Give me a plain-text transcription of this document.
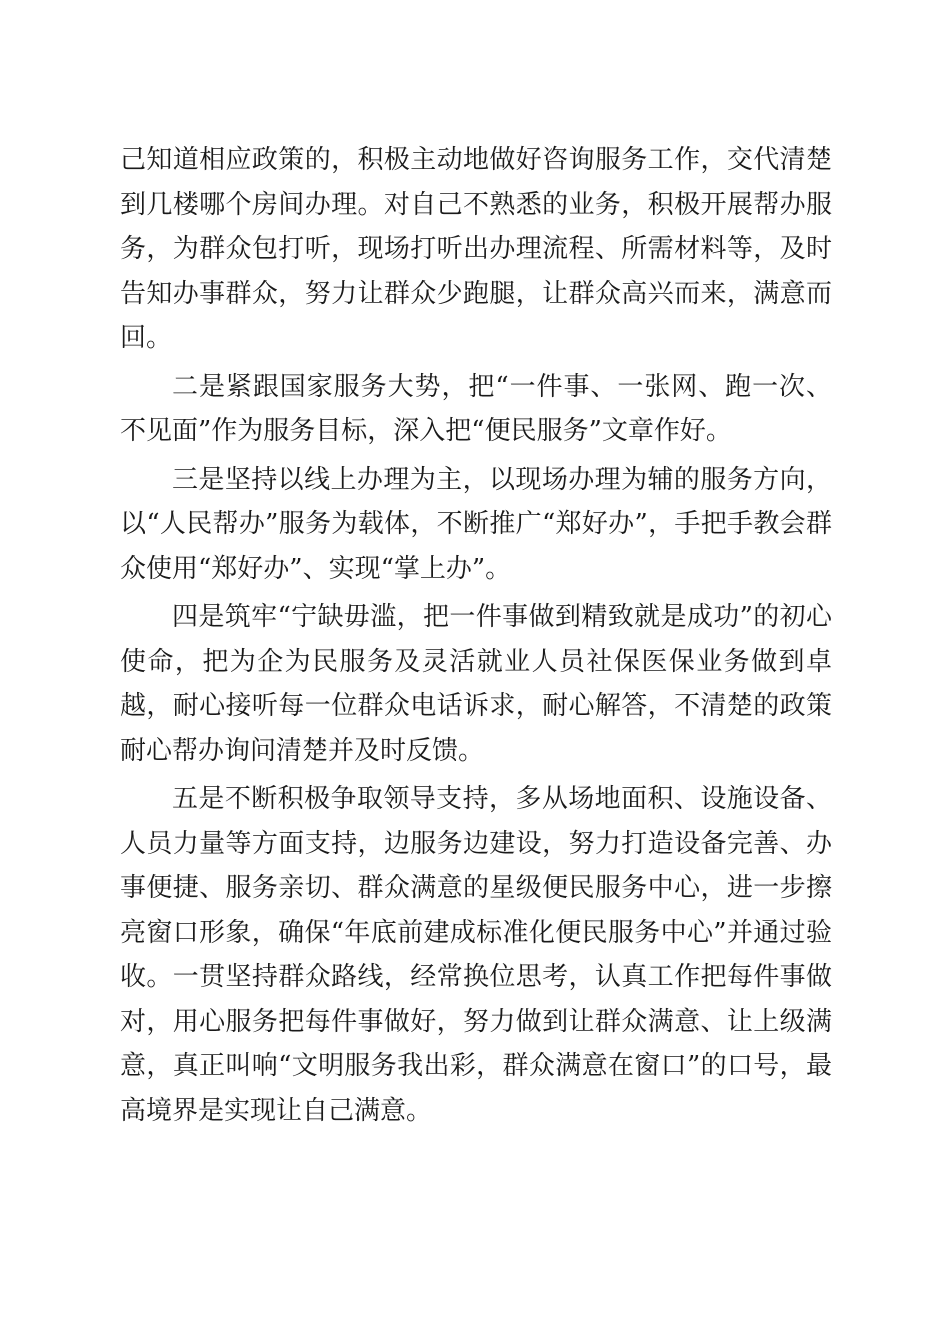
己知道相应政策的，积极主动地做好咨询服务工作，交代清楚到几楼哪个房间办理。对自己不熟悉的业务，积极开展帮办服务，为群众包打听，现场打听出办理流程、所需材料等，及时告知办事群众，努力让群众少跑腿，让群众高兴而来，满意而回。

二是紧跟国家服务大势，把“一件事、一张网、跑一次、不见面”作为服务目标，深入把“便民服务”文章作好。

三是坚持以线上办理为主，以现场办理为辅的服务方向，以“人民帮办”服务为载体，不断推广“郑好办”，手把手教会群众使用“郑好办”、实现“掌上办”。

四是筑牢“宁缺毋滥，把一件事做到精致就是成功”的初心使命，把为企为民服务及灵活就业人员社保医保业务做到卓越，耐心接听每一位群众电话诉求，耐心解答，不清楚的政策耐心帮办询问清楚并及时反馈。

五是不断积极争取领导支持，多从场地面积、设施设备、人员力量等方面支持，边服务边建设，努力打造设备完善、办事便捷、服务亲切、群众满意的星级便民服务中心，进一步擦亮窗口形象，确保“年底前建成标准化便民服务中心”并通过验收。一贯坚持群众路线，经常换位思考，认真工作把每件事做对，用心服务把每件事做好，努力做到让群众满意、让上级满意，真正叫响“文明服务我出彩，群众满意在窗口”的口号，最高境界是实现让自己满意。
